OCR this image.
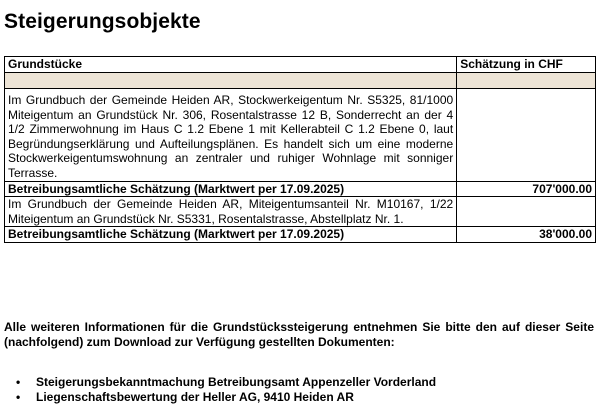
Steigerungsobjekte
Grundstücke	Schätzung in CHF

Im Grundbuch der Gemeinde Heiden AR, Stockwerkeigentum Nr. S5325, 81/1000 Miteigentum an Grundstück Nr. 306, Rosentalstrasse 12 B, Sonderrecht an der 4 1/2 Zimmerwohnung im Haus C 1.2 Ebene 1 mit Kellerabteil C 1.2 Ebene 0, laut Begründungserklärung und Aufteilungsplänen. Es handelt sich um eine moderne Stockwerkeigentumswohnung an zentraler und ruhiger Wohnlage mit sonniger Terrasse.	
Betreibungsamtliche Schätzung (Marktwert per 17.09.2025)	707'000.00
Im Grundbuch der Gemeinde Heiden AR, Miteigentumsanteil Nr. M10167, 1/22 Miteigentum an Grundstück Nr. S5331, Rosentalstrasse, Abstellplatz Nr. 1.	
Betreibungsamtliche Schätzung (Marktwert per 17.09.2025)	38'000.00

Alle weiteren Informationen für die Grundstückssteigerung entnehmen Sie bitte den auf dieser Seite (nachfolgend) zum Download zur Verfügung gestellten Dokumenten:

• Steigerungsbekanntmachung Betreibungsamt Appenzeller Vorderland
• Liegenschaftsbewertung der Heller AG, 9410 Heiden AR
